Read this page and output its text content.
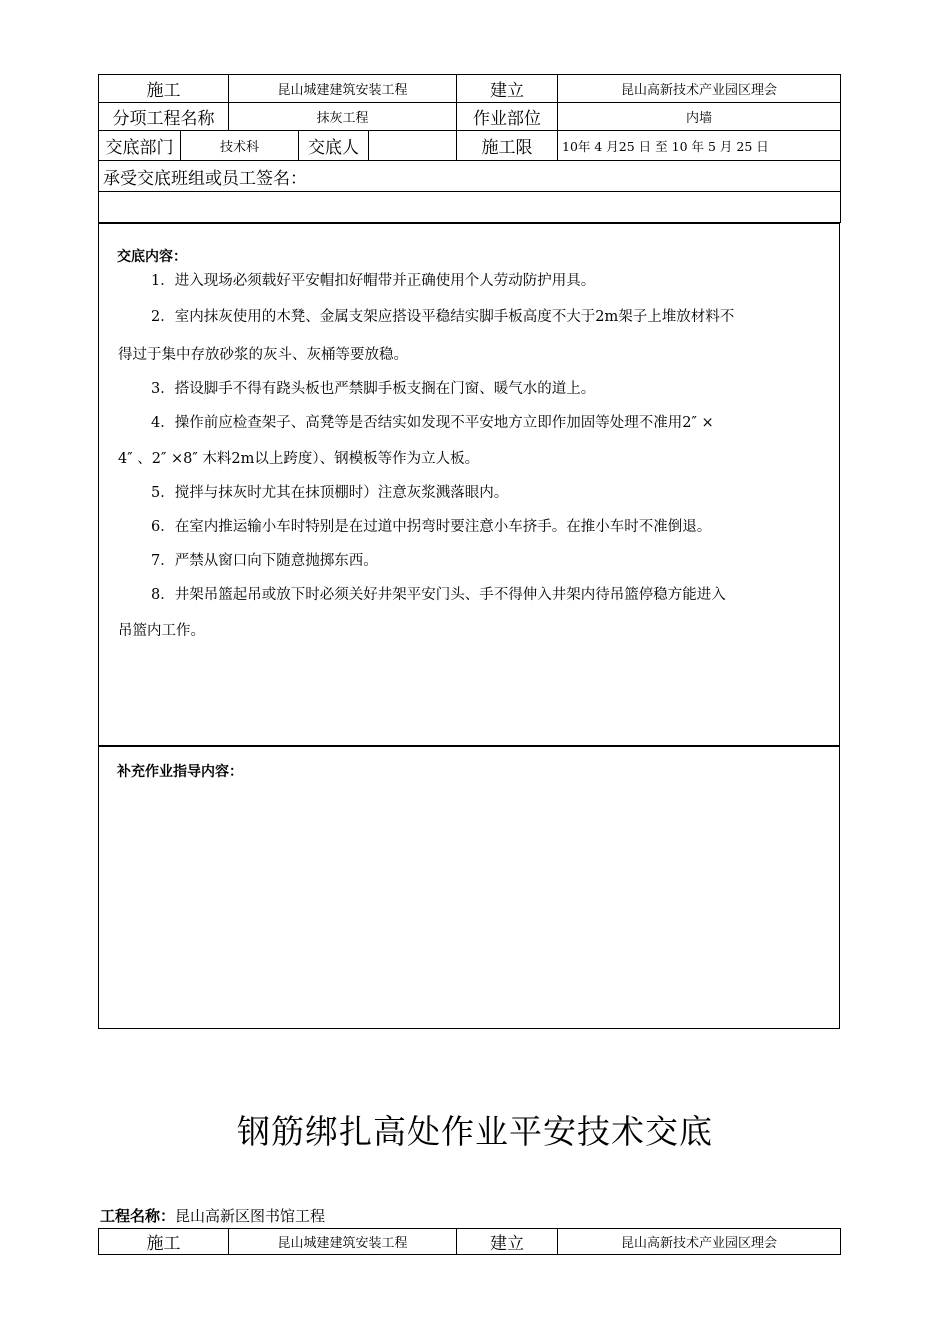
施工		昆山城建建筑安装工程			建立	昆山高新技术产业园区理会
分项工程名称		抹灰工程			作业部位	内墙
交底部门	技术科		交底人		施工限	10年 4 月25 日 至 10 年 5 月 25 日
承受交底班组或员工签名：						

交底内容：

1．进入现场必须载好平安帽扣好帽带并正确使用个人劳动防护用具。

2．室内抹灰使用的木凳、金属支架应搭设平稳结实脚手板高度不大于2m架子上堆放材料不

得过于集中存放砂浆的灰斗、灰桶等要放稳。

3．搭设脚手不得有跷头板也严禁脚手板支搁在门窗、暖气水的道上。

4．操作前应检查架子、高凳等是否结实如发现不平安地方立即作加固等处理不准用2″ ×

4″ 、2″ ×8″ 木料2m以上跨度）、钢模板等作为立人板。

5．搅拌与抹灰时尤其在抹顶棚时）注意灰浆溅落眼内。

6．在室内推运输小车时特别是在过道中拐弯时要注意小车挤手。在推小车时不准倒退。

7．严禁从窗口向下随意抛掷东西。

8．井架吊篮起吊或放下时必须关好井架平安门头、手不得伸入井架内待吊篮停稳方能进入

吊篮内工作。

补充作业指导内容：
钢筋绑扎高处作业平安技术交底
工程名称：昆山高新区图书馆工程
施工	昆山城建建筑安装工程	建立	昆山高新技术产业园区理会
